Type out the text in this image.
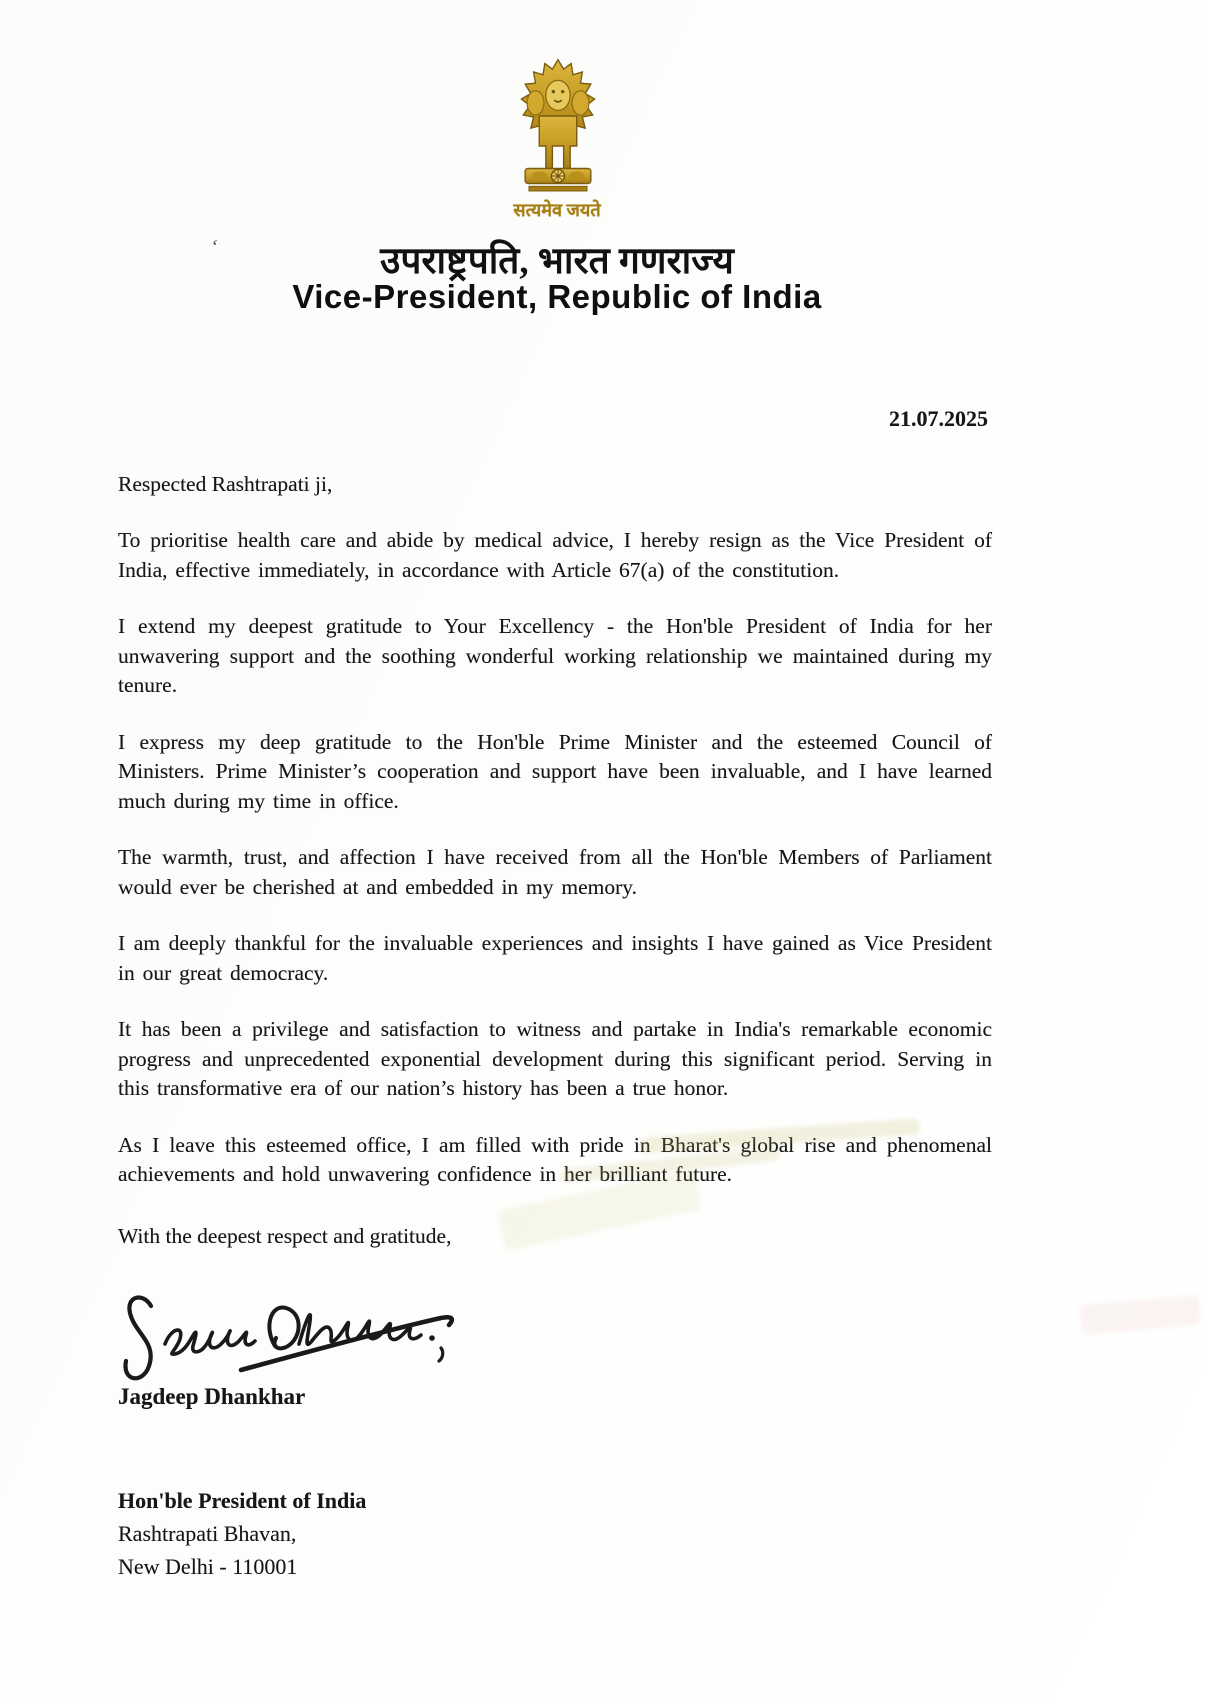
सत्यमेव जयते
उपराष्ट्रपति, भारत गणराज्य
Vice-President, Republic of India
‘
21.07.2025
Respected Rashtrapati ji,

To prioritise health care and abide by medical advice, I hereby resign as the Vice President of India, effective immediately, in accordance with Article 67(a) of the constitution.

I extend my deepest gratitude to Your Excellency - the Hon'ble President of India for her unwavering support and the soothing wonderful working relationship we maintained during my tenure.

I express my deep gratitude to the Hon'ble Prime Minister and the esteemed Council of Ministers. Prime Minister’s cooperation and support have been invaluable, and I have learned much during my time in office.

The warmth, trust, and affection I have received from all the Hon'ble Members of Parliament would ever be cherished at and embedded in my memory.

I am deeply thankful for the invaluable experiences and insights I have gained as Vice President in our great democracy.

It has been a privilege and satisfaction to witness and partake in India's remarkable economic progress and unprecedented exponential development during this significant period. Serving in this transformative era of our nation’s history has been a true honor.

As I leave this esteemed office, I am filled with pride in Bharat's global rise and phenomenal achievements and hold unwavering confidence in her brilliant future.

With the deepest respect and gratitude,
Jagdeep Dhankhar
Hon'ble President of India
Rashtrapati Bhavan,
New Delhi - 110001
